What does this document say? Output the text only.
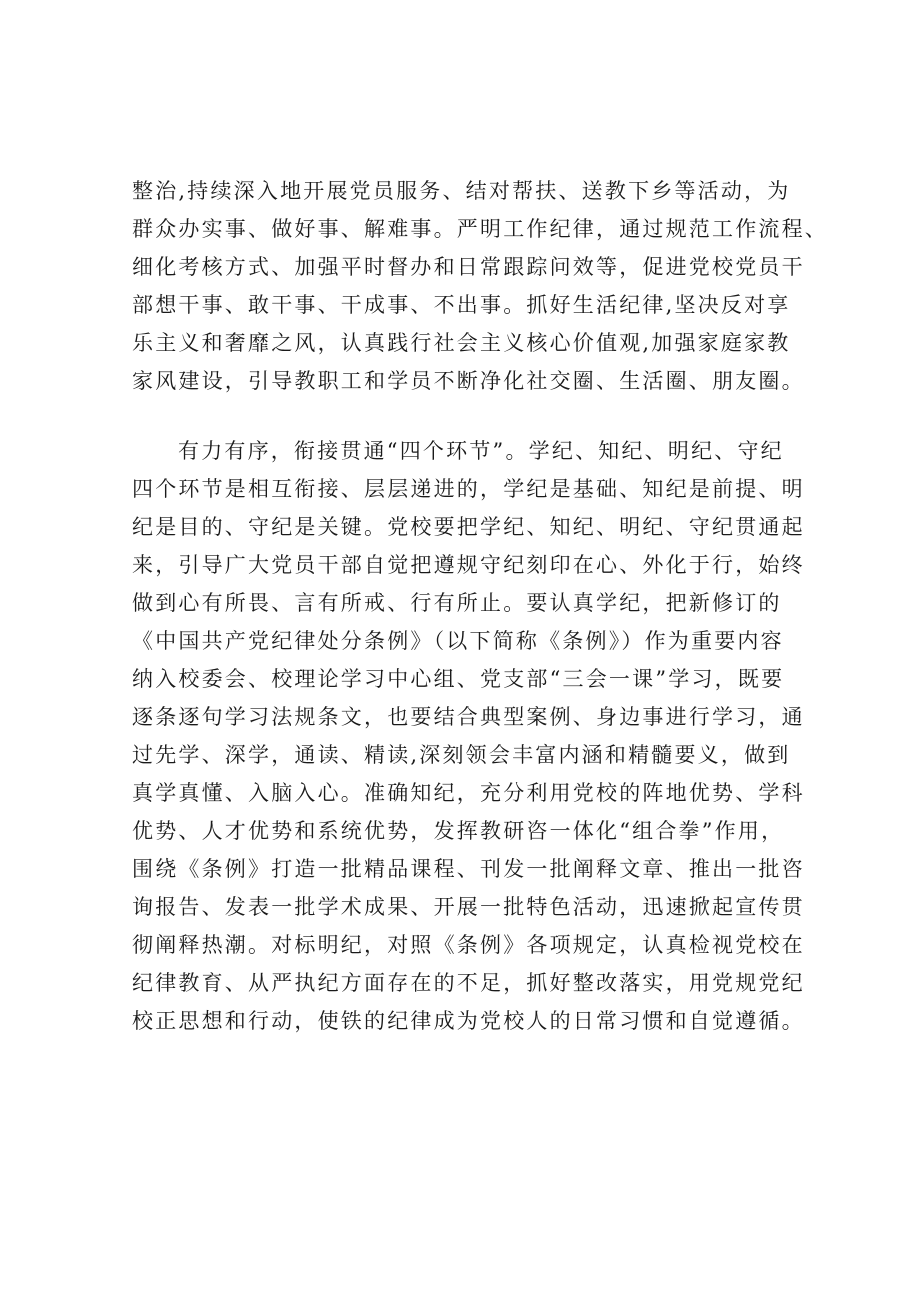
整治,持续深入地开展党员服务、结对帮扶、送教下乡等活动，为
群众办实事、做好事、解难事。严明工作纪律，通过规范工作流程、
细化考核方式、加强平时督办和日常跟踪问效等，促进党校党员干
部想干事、敢干事、干成事、不出事。抓好生活纪律,坚决反对享
乐主义和奢靡之风，认真践行社会主义核心价值观,加强家庭家教
家风建设，引导教职工和学员不断净化社交圈、生活圈、朋友圈。
有力有序，衔接贯通“四个环节”。学纪、知纪、明纪、守纪
四个环节是相互衔接、层层递进的，学纪是基础、知纪是前提、明
纪是目的、守纪是关键。党校要把学纪、知纪、明纪、守纪贯通起
来，引导广大党员干部自觉把遵规守纪刻印在心、外化于行，始终
做到心有所畏、言有所戒、行有所止。要认真学纪，把新修订的
《中国共产党纪律处分条例》（以下简称《条例》）作为重要内容
纳入校委会、校理论学习中心组、党支部“三会一课”学习，既要
逐条逐句学习法规条文，也要结合典型案例、身边事进行学习，通
过先学、深学，通读、精读,深刻领会丰富内涵和精髓要义，做到
真学真懂、入脑入心。准确知纪，充分利用党校的阵地优势、学科
优势、人才优势和系统优势，发挥教研咨一体化“组合拳”作用，
围绕《条例》打造一批精品课程、刊发一批阐释文章、推出一批咨
询报告、发表一批学术成果、开展一批特色活动，迅速掀起宣传贯
彻阐释热潮。对标明纪，对照《条例》各项规定，认真检视党校在
纪律教育、从严执纪方面存在的不足，抓好整改落实，用党规党纪
校正思想和行动，使铁的纪律成为党校人的日常习惯和自觉遵循。
